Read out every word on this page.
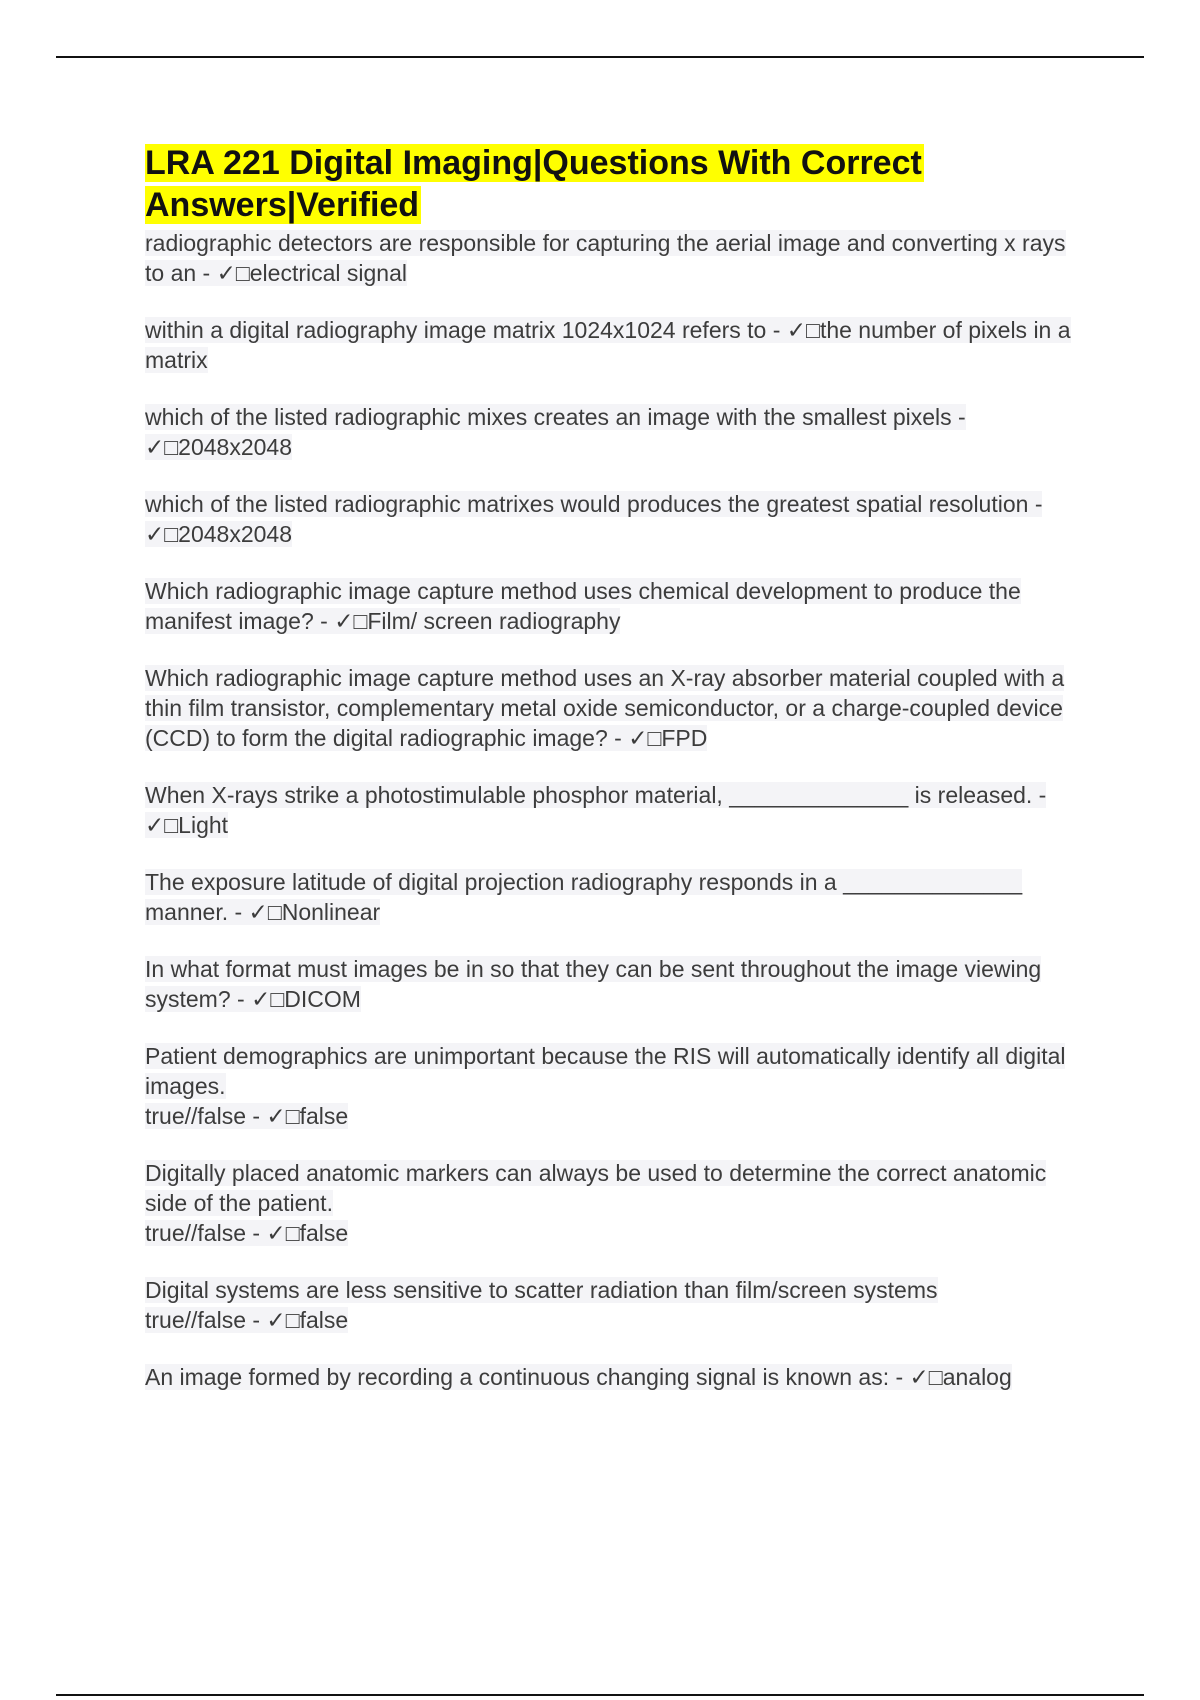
LRA 221 Digital Imaging|Questions With Correct Answers|Verified

radiographic detectors are responsible for capturing the aerial image and converting x rays to an - ✓□electrical signal

within a digital radiography image matrix 1024x1024 refers to - ✓□the number of pixels in a matrix

which of the listed radiographic mixes creates an image with the smallest pixels - ✓□2048x2048

which of the listed radiographic matrixes would produces the greatest spatial resolution - ✓□2048x2048

Which radiographic image capture method uses chemical development to produce the manifest image? - ✓□Film/ screen radiography

Which radiographic image capture method uses an X-ray absorber material coupled with a thin film transistor, complementary metal oxide semiconductor, or a charge-coupled device (CCD) to form the digital radiographic image? - ✓□FPD

When X-rays strike a photostimulable phosphor material, ______________ is released. - ✓□Light

The exposure latitude of digital projection radiography responds in a ______________ manner. - ✓□Nonlinear

In what format must images be in so that they can be sent throughout the image viewing system? - ✓□DICOM

Patient demographics are unimportant because the RIS will automatically identify all digital images.
true//false - ✓□false

Digitally placed anatomic markers can always be used to determine the correct anatomic side of the patient.
true//false - ✓□false

Digital systems are less sensitive to scatter radiation than film/screen systems
true//false - ✓□false

An image formed by recording a continuous changing signal is known as: - ✓□analog
